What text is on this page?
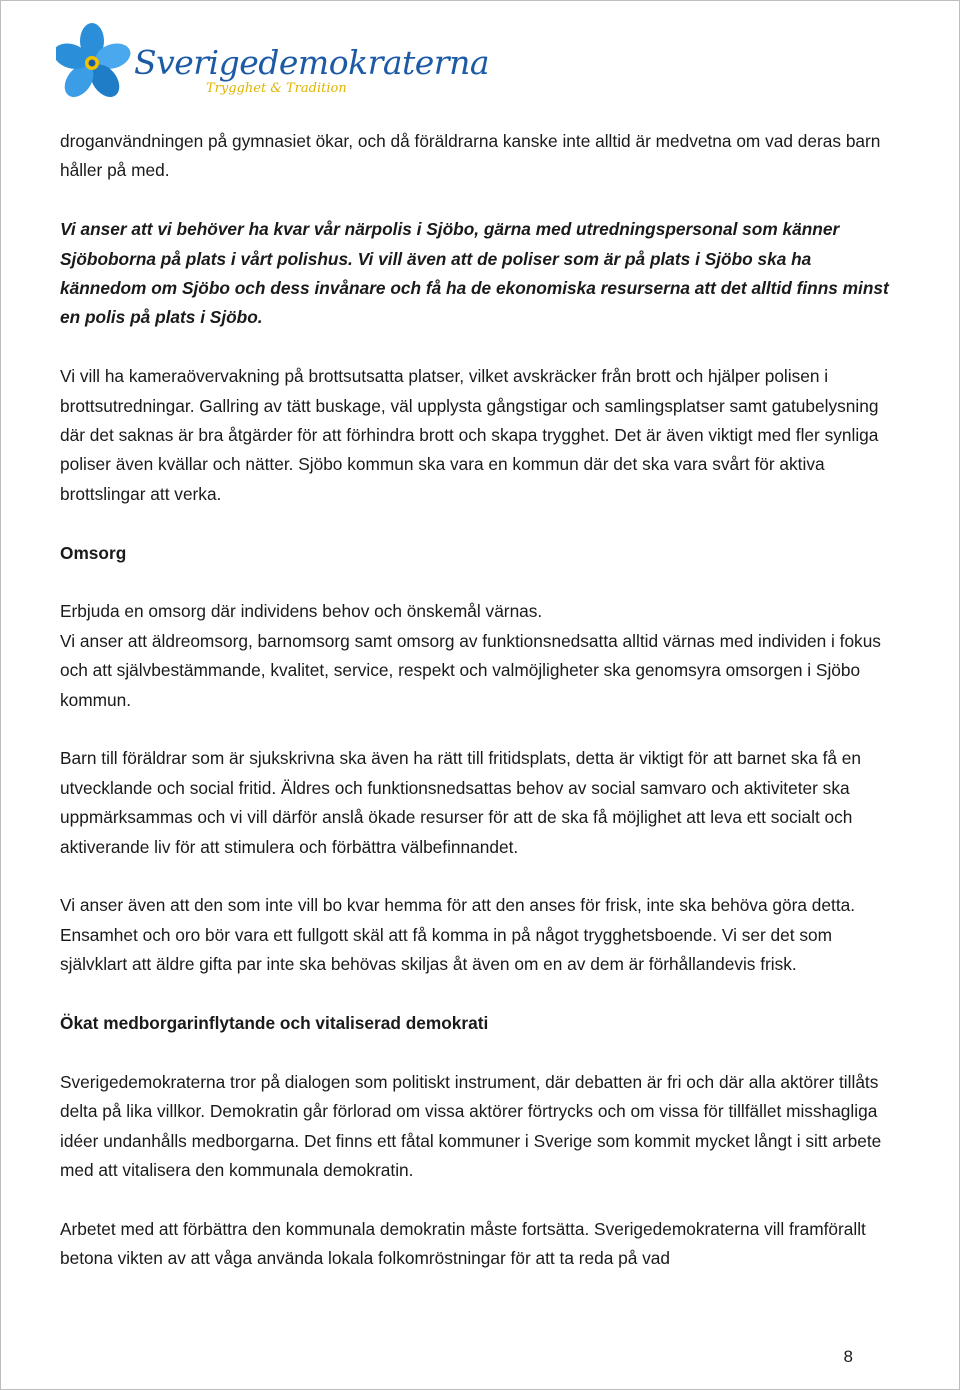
Sverigedemokraterna
Trygghet & Tradition

droganvändningen på gymnasiet ökar, och då föräldrarna kanske inte alltid är medvetna om vad deras barn håller på med.

Vi anser att vi behöver ha kvar vår närpolis i Sjöbo, gärna med utredningspersonal som känner Sjöboborna på plats i vårt polishus. Vi vill även att de poliser som är på plats i Sjöbo ska ha kännedom om Sjöbo och dess invånare och få ha de ekonomiska resurserna att det alltid finns minst en polis på plats i Sjöbo.

Vi vill ha kameraövervakning på brottsutsatta platser, vilket avskräcker från brott och hjälper polisen i brottsutredningar. Gallring av tätt buskage, väl upplysta gångstigar och samlingsplatser samt gatubelysning där det saknas är bra åtgärder för att förhindra brott och skapa trygghet. Det är även viktigt med fler synliga poliser även kvällar och nätter. Sjöbo kommun ska vara en kommun där det ska vara svårt för aktiva brottslingar att verka.

Omsorg

Erbjuda en omsorg där individens behov och önskemål värnas.

Vi anser att äldreomsorg, barnomsorg samt omsorg av funktionsnedsatta alltid värnas med individen i fokus och att självbestämmande, kvalitet, service, respekt och valmöjligheter ska genomsyra omsorgen i Sjöbo kommun.

Barn till föräldrar som är sjukskrivna ska även ha rätt till fritidsplats, detta är viktigt för att barnet ska få en utvecklande och social fritid. Äldres och funktionsnedsattas behov av social samvaro och aktiviteter ska uppmärksammas och vi vill därför anslå ökade resurser för att de ska få möjlighet att leva ett socialt och aktiverande liv för att stimulera och förbättra välbefinnandet.

Vi anser även att den som inte vill bo kvar hemma för att den anses för frisk, inte ska behöva göra detta. Ensamhet och oro bör vara ett fullgott skäl att få komma in på något trygghetsboende. Vi ser det som självklart att äldre gifta par inte ska behövas skiljas åt även om en av dem är förhållandevis frisk.

Ökat medborgarinflytande och vitaliserad demokrati

Sverigedemokraterna tror på dialogen som politiskt instrument, där debatten är fri och där alla aktörer tillåts delta på lika villkor. Demokratin går förlorad om vissa aktörer förtrycks och om vissa för tillfället misshagliga idéer undanhålls medborgarna. Det finns ett fåtal kommuner i Sverige som kommit mycket långt i sitt arbete med att vitalisera den kommunala demokratin.

Arbetet med att förbättra den kommunala demokratin måste fortsätta. Sverigedemokraterna vill framförallt betona vikten av att våga använda lokala folkomröstningar för att ta reda på vad

8
